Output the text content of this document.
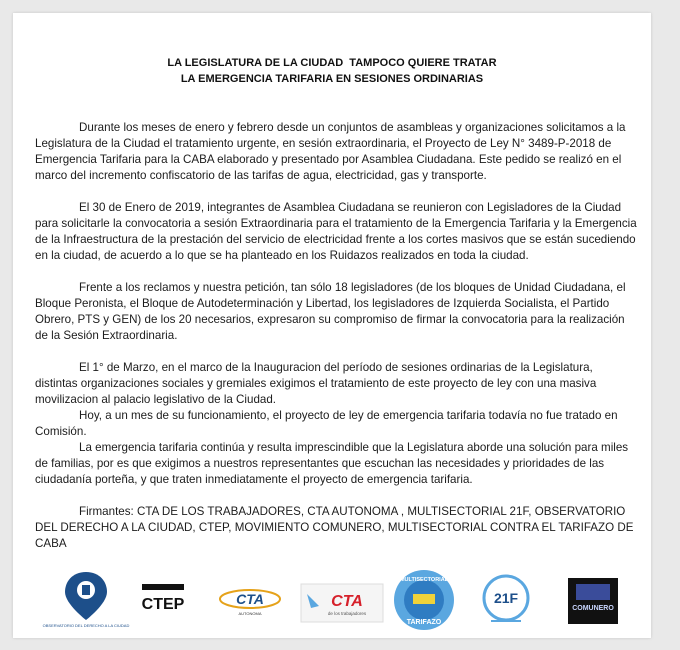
LA LEGISLATURA DE LA CIUDAD  TAMPOCO QUIERE TRATAR
LA EMERGENCIA TARIFARIA EN SESIONES ORDINARIAS

Durante los meses de enero y febrero desde un conjuntos de asambleas y organizaciones solicitamos a la Legislatura de la Ciudad el tratamiento urgente, en sesión extraordinaria, el Proyecto de Ley N° 3489-P-2018 de Emergencia Tarifaria para la CABA elaborado y presentado por Asamblea Ciudadana. Este pedido se realizó en el marco del incremento confiscatorio de las tarifas de agua, electricidad, gas y transporte.

El 30 de Enero de 2019, integrantes de Asamblea Ciudadana se reunieron con Legisladores de la Ciudad para solicitarle la convocatoria a sesión Extraordinaria para el tratamiento de la Emergencia Tarifaria y la Emergencia de la Infraestructura de la prestación del servicio de electricidad frente a los cortes masivos que se están sucediendo en la ciudad, de acuerdo a lo que se ha planteado en los Ruidazos realizados en toda la ciudad.

Frente a los reclamos y nuestra petición, tan sólo 18 legisladores (de los bloques de Unidad Ciudadana, el Bloque Peronista, el Bloque de Autodeterminación y Libertad, los legisladores de Izquierda Socialista, el Partido Obrero, PTS y GEN) de los 20 necesarios, expresaron su compromiso de firmar la convocatoria para la realización de la Sesión Extraordinaria.

El 1° de Marzo, en el marco de la Inauguracion del período de sesiones ordinarias de la Legislatura, distintas organizaciones sociales y gremiales exigimos el tratamiento de este proyecto de ley con una masiva movilizacion al palacio legislativo de la Ciudad.

Hoy, a un mes de su funcionamiento, el proyecto de ley de emergencia tarifaria todavía no fue tratado en Comisión.

La emergencia tarifaria continúa y resulta imprescindible que la Legislatura aborde una solución para miles de familias, por es que exigimos a nuestros representantes que escuchan las necesidades y prioridades de las ciudadanía porteña, y que traten inmediatamente el proyecto de emergencia tarifaria.

Firmantes: CTA DE LOS TRABAJADORES, CTA AUTONOMA , MULTISECTORIAL 21F, OBSERVATORIO DEL DERECHO A LA CIUDAD, CTEP, MOVIMIENTO COMUNERO, MULTISECTORIAL CONTRA EL TARIFAZO DE CABA

OBSERVATORIO DEL DERECHO A LA CIUDAD
CTEP	CTA
AUTONOMA
CTA
de los trabajadores
MULTISECTORIAL
TARIFAZO
21F
COMUNERO
